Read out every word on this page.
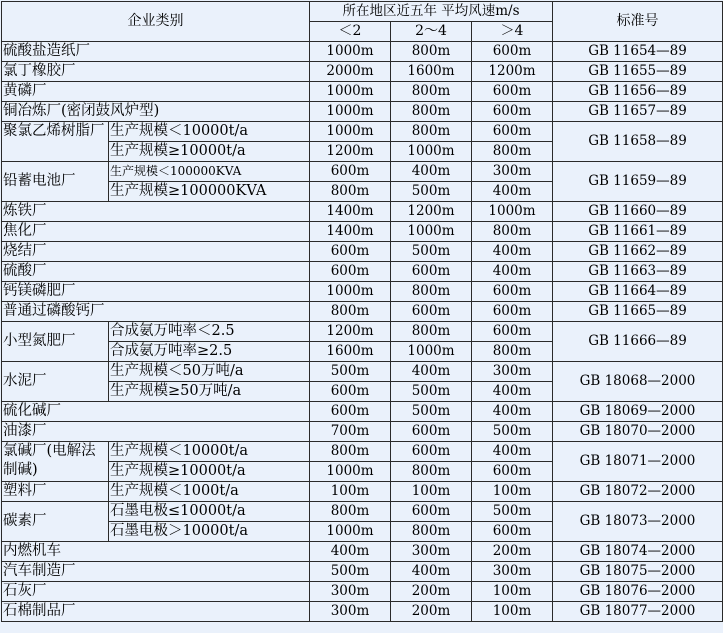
企业类别		所在地区近五年 平均风速m/s			标准号
		＜2	2～4	＞4	
硫酸盐造纸厂		1000m	800m	600m	GB 11654—89
氯丁橡胶厂		2000m	1600m	1200m	GB 11655—89
黄磷厂		1000m	800m	600m	GB 11656—89
铜冶炼厂(密闭鼓风炉型)		1000m	800m	600m	GB 11657—89
聚氯乙烯树脂厂	生产规模＜10000t/a	1000m	800m	600m	GB 11658—89
	生产规模≥10000t/a	1200m	1000m	800m	
铅蓄电池厂	生产规模＜100000KVA	600m	400m	300m	GB 11659—89
	生产规模≥100000KVA	800m	500m	400m	
炼铁厂		1400m	1200m	1000m	GB 11660—89
焦化厂		1400m	1000m	800m	GB 11661—89
烧结厂		600m	500m	400m	GB 11662—89
硫酸厂		600m	600m	400m	GB 11663—89
钙镁磷肥厂		1000m	800m	600m	GB 11664—89
普通过磷酸钙厂		800m	600m	600m	GB 11665—89
小型氮肥厂	合成氨万吨率＜2.5	1200m	800m	600m	GB 11666—89
	合成氨万吨率≥2.5	1600m	1000m	800m	
水泥厂	生产规模＜50万吨/a	500m	400m	300m	GB 18068—2000
	生产规模≥50万吨/a	600m	500m	400m	
硫化碱厂		600m	500m	400m	GB 18069—2000
油漆厂		700m	600m	500m	GB 18070—2000
氯碱厂(电解法制碱)	生产规模＜10000t/a	800m	600m	400m	GB 18071—2000
	生产规模≥10000t/a	1000m	800m	600m	
塑料厂	生产规模＜1000t/a	100m	100m	100m	GB 18072—2000
碳素厂	石墨电极≤10000t/a	800m	600m	500m	GB 18073—2000
	石墨电极＞10000t/a	1000m	800m	600m	
内燃机车		400m	300m	200m	GB 18074—2000
汽车制造厂		500m	400m	300m	GB 18075—2000
石灰厂		300m	200m	100m	GB 18076—2000
石棉制品厂		300m	200m	100m	GB 18077—2000
